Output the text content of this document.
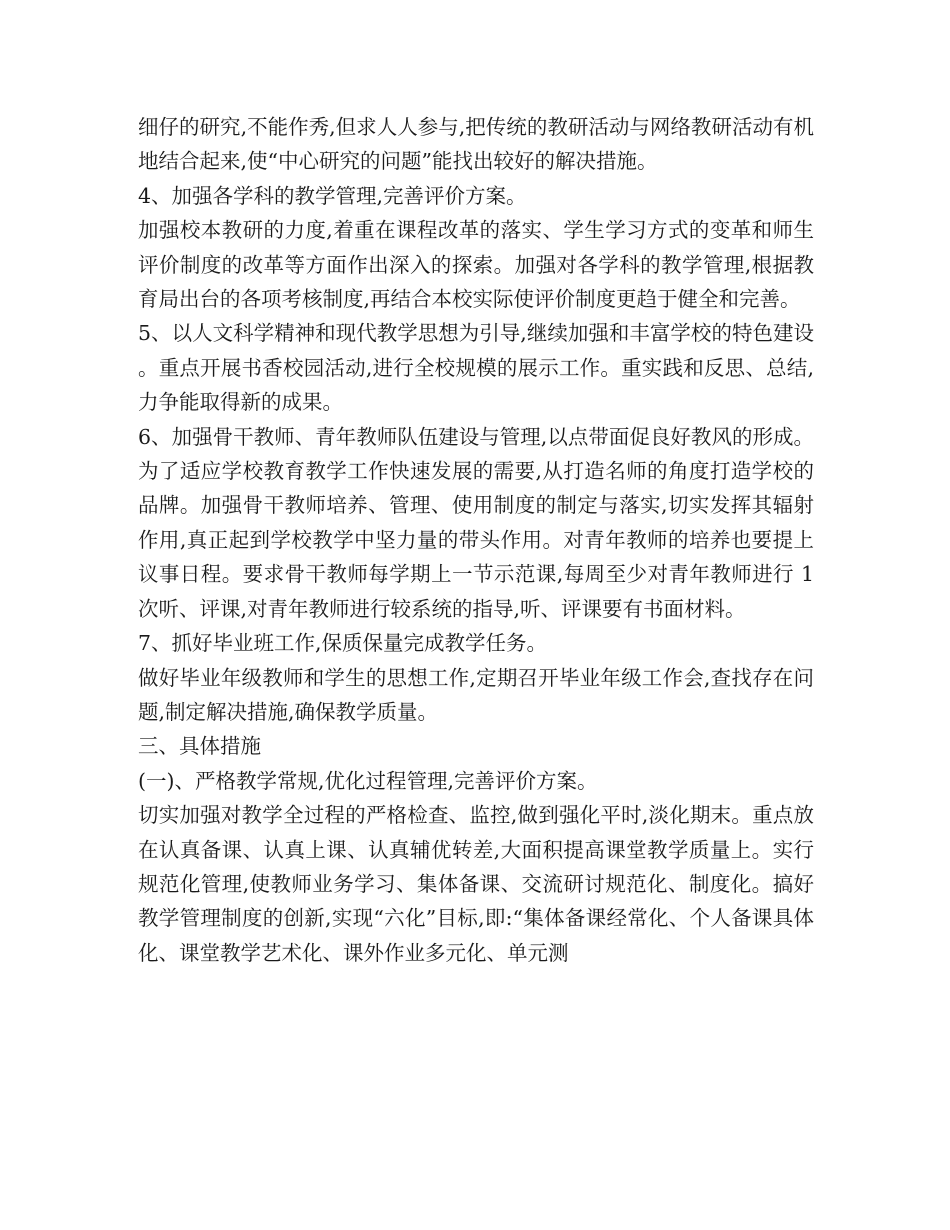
细仔的研究,不能作秀,但求人人参与,把传统的教研活动与网络教研活动有机地结合起来,使“中心研究的问题”能找出较好的解决措施。

4、加强各学科的教学管理,完善评价方案。

加强校本教研的力度,着重在课程改革的落实、学生学习方式的变革和师生评价制度的改革等方面作出深入的探索。加强对各学科的教学管理,根据教育局出台的各项考核制度,再结合本校实际使评价制度更趋于健全和完善。

5、以人文科学精神和现代教学思想为引导,继续加强和丰富学校的特色建设。重点开展书香校园活动,进行全校规模的展示工作。重实践和反思、总结,力争能取得新的成果。

6、加强骨干教师、青年教师队伍建设与管理,以点带面促良好教风的形成。为了适应学校教育教学工作快速发展的需要,从打造名师的角度打造学校的品牌。加强骨干教师培养、管理、使用制度的制定与落实,切实发挥其辐射作用,真正起到学校教学中坚力量的带头作用。对青年教师的培养也要提上议事日程。要求骨干教师每学期上一节示范课,每周至少对青年教师进行 1 次听、评课,对青年教师进行较系统的指导,听、评课要有书面材料。

7、抓好毕业班工作,保质保量完成教学任务。

做好毕业年级教师和学生的思想工作,定期召开毕业年级工作会,查找存在问题,制定解决措施,确保教学质量。

三、具体措施

(一)、严格教学常规,优化过程管理,完善评价方案。

切实加强对教学全过程的严格检查、监控,做到强化平时,淡化期末。重点放在认真备课、认真上课、认真辅优转差,大面积提高课堂教学质量上。实行规范化管理,使教师业务学习、集体备课、交流研讨规范化、制度化。搞好教学管理制度的创新,实现“六化”目标,即:“集体备课经常化、个人备课具体化、课堂教学艺术化、课外作业多元化、单元测
